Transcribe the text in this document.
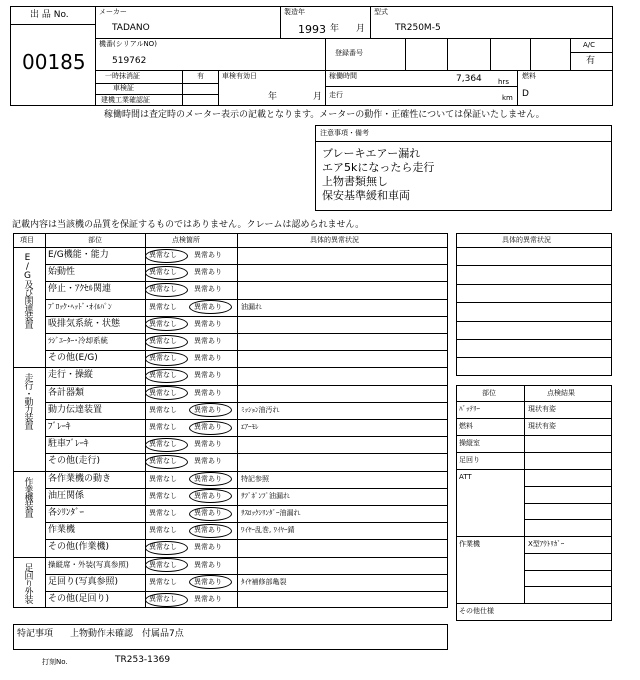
出 品 No.
00185
メーカー
TADANO
製造年
1993 年 月
型式
TR250M-5
機番(シリアルNO)
519762
登録番号
A/C
有
一時抹消証	有
車検証
建機工業確認証
車検有効日
年	月
稼働時間	7,364 hrs
走行	km
燃料
D
稼働時間は査定時のメーター表示の記載となります。メーターの動作・正確性については保証いたしません。
注意事項・備考
ブレーキエアー漏れ
エア5kになったら走行
上物書類無し
保安基準緩和車両
記載内容は当該機の品質を保証するものではありません。クレームは認められません。
項目	部位	点検箇所	具体的異常状況
E/G機能・能力	異常なし 異常あり
始動性	異常なし 異常あり
停止・ｱｸｾﾙ関連	異常なし 異常あり
ﾌﾞﾛｯｸ･ﾍｯﾄﾞ･ｵｲﾙﾊﾟﾝ	異常なし 異常あり	油漏れ
吸排気系統・状態	異常なし 異常あり
ﾗｼﾞｴｰﾀｰ･冷却系統	異常なし 異常あり
その他(E/G)	異常なし 異常あり
E/G及び関連装置
走行・操縦	異常なし 異常あり
各計器類	異常なし 異常あり
動力伝達装置	異常なし 異常あり	ﾐｯｼｮﾝ油汚れ
ﾌﾞﾚｰｷ	異常なし 異常あり	ｴｱｰﾓﾚ
駐車ﾌﾞﾚｰｷ	異常なし 異常あり
その他(走行)	異常なし 異常あり
走行・動力装置
各作業機の動き	異常なし 異常あり	特記参照
油圧関係	異常なし 異常あり	ｻﾌﾞﾎﾟﾝﾌﾟ油漏れ
各ｼﾘﾝﾀﾞｰ	異常なし 異常あり	ｻｽﾛｯｸｼﾘﾝﾀﾞｰ油漏れ
作業機	異常なし 異常あり	ﾜｲﾔｰ乱巻, ﾜｲﾔｰ錆
その他(作業機)	異常なし 異常あり
作業機装置
操縦席・外装(写真参照)	異常なし 異常あり
足回り(写真参照)	異常なし 異常あり	ﾀｲﾔ補修部亀裂
その他(足回り)	異常なし 異常あり
足回り外装
具体的異常状況
部位	点検結果
ﾊﾞｯﾃﾘｰ	現状有姿
燃料	現状有姿
操縦室
足回り
ATT
作業機	X型ｱｳﾄﾘｶﾞｰ
その他仕様
特記事項 上物動作未確認　付属品7点
打刻No.	TR253-1369
